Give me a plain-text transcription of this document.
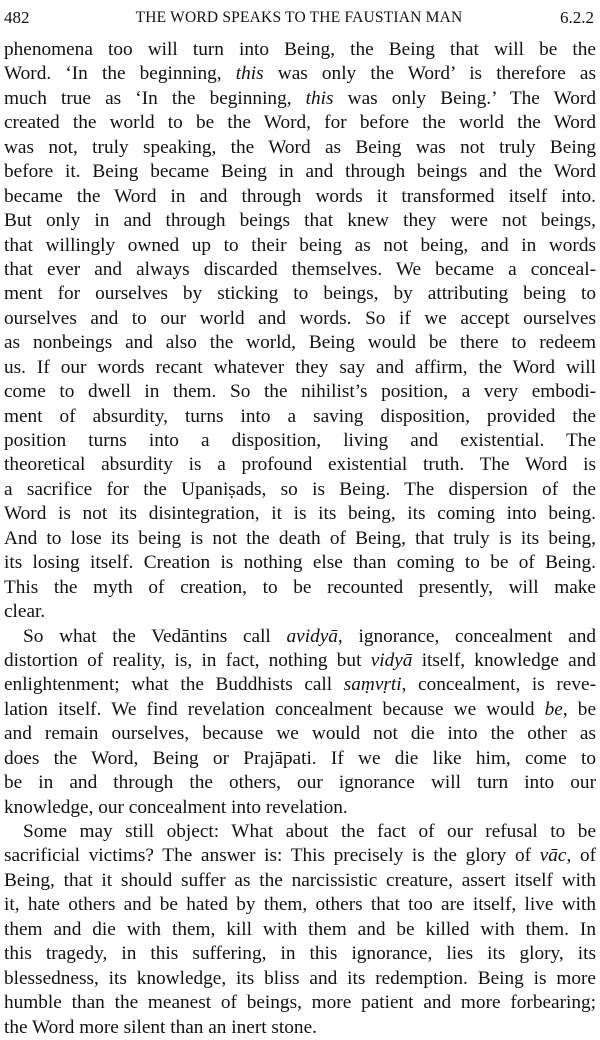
482	THE WORD SPEAKS TO THE FAUSTIAN MAN	6.2.2
phenomena too will turn into Being, the Being that will be the
Word. ‘In the beginning, this was only the Word’ is therefore as
much true as ‘In the beginning, this was only Being.’ The Word
created the world to be the Word, for before the world the Word
was not, truly speaking, the Word as Being was not truly Being
before it. Being became Being in and through beings and the Word
became the Word in and through words it transformed itself into.
But only in and through beings that knew they were not beings,
that willingly owned up to their being as not being, and in words
that ever and always discarded themselves. We became a conceal-
ment for ourselves by sticking to beings, by attributing being to
ourselves and to our world and words. So if we accept ourselves
as nonbeings and also the world, Being would be there to redeem
us. If our words recant whatever they say and affirm, the Word will
come to dwell in them. So the nihilist’s position, a very embodi-
ment of absurdity, turns into a saving disposition, provided the
position turns into a disposition, living and existential. The
theoretical absurdity is a profound existential truth. The Word is
a sacrifice for the Upaniṣads, so is Being. The dispersion of the
Word is not its disintegration, it is its being, its coming into being.
And to lose its being is not the death of Being, that truly is its being,
its losing itself. Creation is nothing else than coming to be of Being.
This the myth of creation, to be recounted presently, will make
clear.
So what the Vedāntins call avidyā, ignorance, concealment and
distortion of reality, is, in fact, nothing but vidyā itself, knowledge and
enlightenment; what the Buddhists call saṃvṛti, concealment, is reve-
lation itself. We find revelation concealment because we would be, be
and remain ourselves, because we would not die into the other as
does the Word, Being or Prajāpati. If we die like him, come to
be in and through the others, our ignorance will turn into our
knowledge, our concealment into revelation.
Some may still object: What about the fact of our refusal to be
sacrificial victims? The answer is: This precisely is the glory of vāc, of
Being, that it should suffer as the narcissistic creature, assert itself with
it, hate others and be hated by them, others that too are itself, live with
them and die with them, kill with them and be killed with them. In
this tragedy, in this suffering, in this ignorance, lies its glory, its
blessedness, its knowledge, its bliss and its redemption. Being is more
humble than the meanest of beings, more patient and more forbearing;
the Word more silent than an inert stone.
